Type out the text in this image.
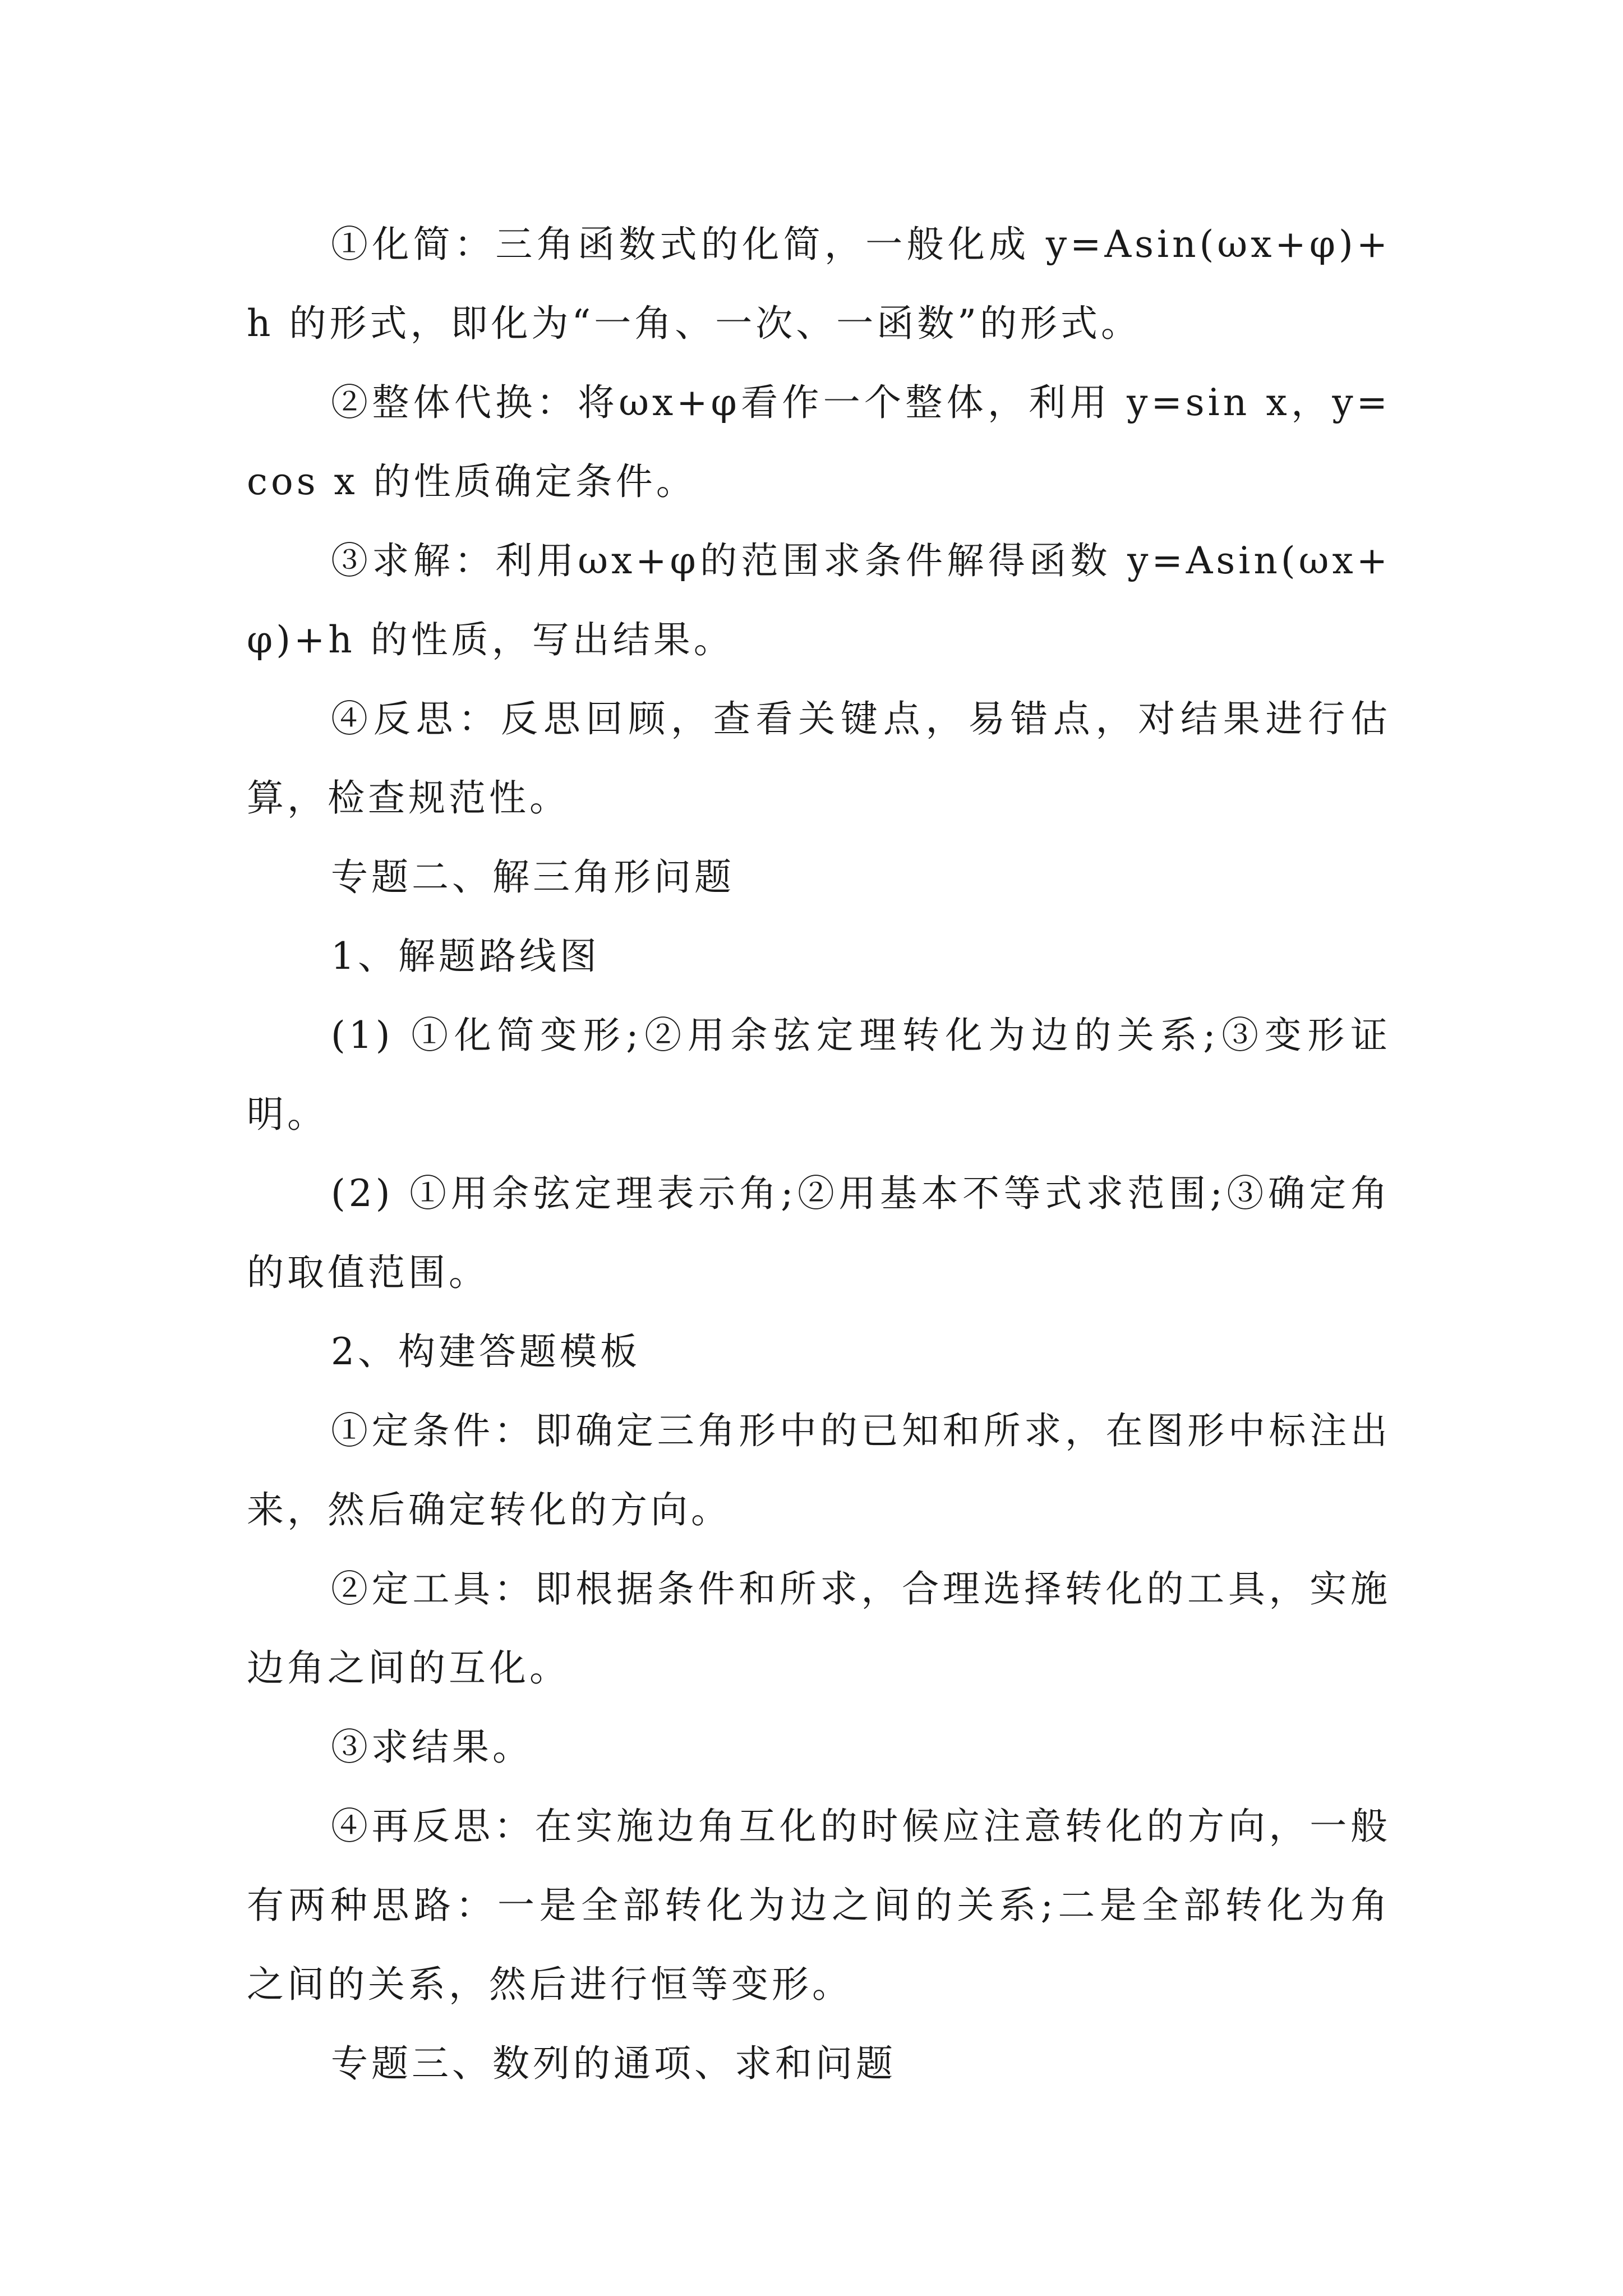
①化简：三角函数式的化简，一般化成 y=Asin(ωx+φ)+h 的形式，即化为“一角、一次、一函数”的形式。

②整体代换：将ωx+φ看作一个整体，利用 y=sin x，y=cos x 的性质确定条件。

③求解：利用ωx+φ的范围求条件解得函数 y=Asin(ωx+φ)+h 的性质，写出结果。

④反思：反思回顾，查看关键点，易错点，对结果进行估算，检查规范性。

专题二、解三角形问题

1、解题路线图

(1) ①化简变形;②用余弦定理转化为边的关系;③变形证明。

(2) ①用余弦定理表示角;②用基本不等式求范围;③确定角的取值范围。

2、构建答题模板

①定条件：即确定三角形中的已知和所求，在图形中标注出来，然后确定转化的方向。

②定工具：即根据条件和所求，合理选择转化的工具，实施边角之间的互化。

③求结果。

④再反思：在实施边角互化的时候应注意转化的方向，一般有两种思路：一是全部转化为边之间的关系;二是全部转化为角之间的关系，然后进行恒等变形。

专题三、数列的通项、求和问题
